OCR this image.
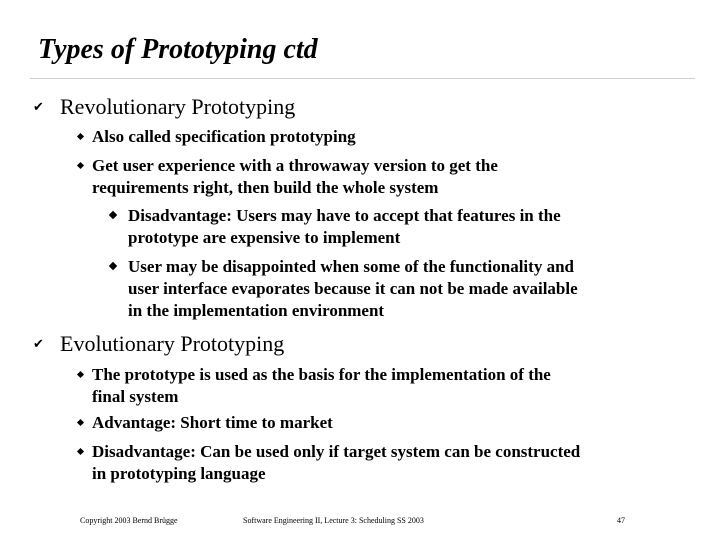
Types of Prototyping ctd
✔ Revolutionary Prototyping
Also called specification prototyping
Get user experience with a throwaway version to get the
requirements right, then build the whole system
Disadvantage: Users may have to accept that features in the
prototype are expensive to implement
User may be disappointed when some of the functionality and
user interface evaporates because it can not be made available
in the implementation environment
✔ Evolutionary Prototyping
The prototype is used as the basis for the implementation of the
final system
Advantage: Short time to market
Disadvantage: Can be used only if target system can be constructed
in prototyping language
Copyright 2003 Bernd Brügge	Software Engineering II, Lecture 3: Scheduling SS 2003	47
